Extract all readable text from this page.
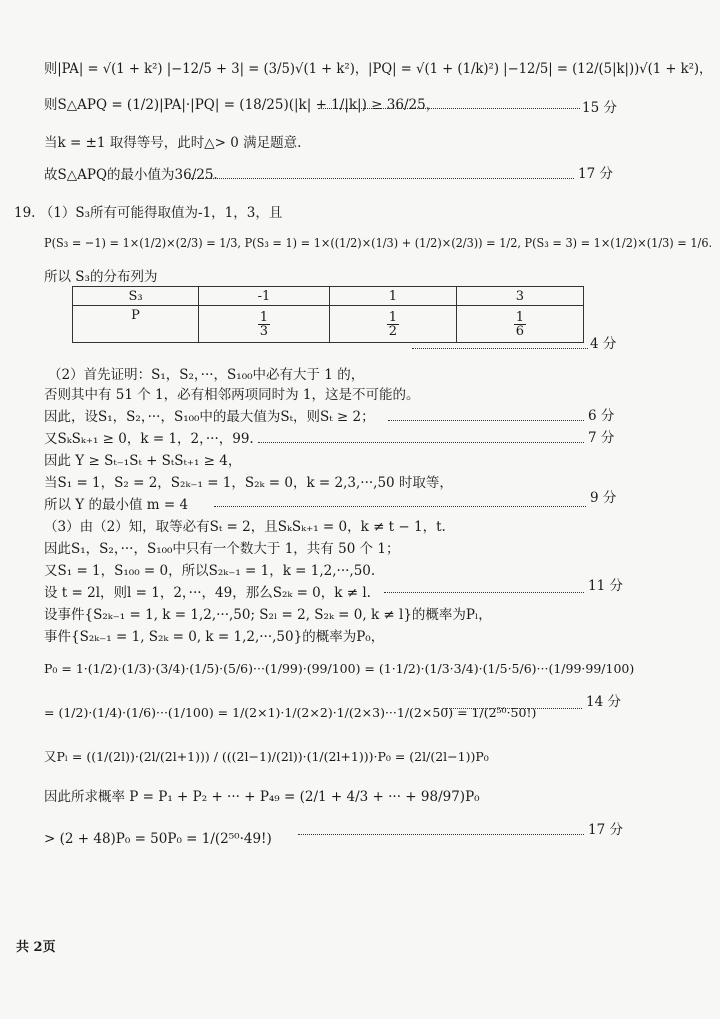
则|PA| = √(1 + k²) |−12/5 + 3| = (3/5)√(1 + k²)，|PQ| = √(1 + (1/k)²) |−12/5| = (12/(5|k|))√(1 + k²)，
则S△APQ = (1/2)|PA|·|PQ| = (18/25)(|k| + 1/|k|) ≥ 36/25，	15 分
当k = ±1 取得等号，此时△> 0 满足题意.
故S△APQ的最小值为36/25.	17 分
19. （1）S₃所有可能得取值为-1，1，3，且
P(S₃ = −1) = 1×(1/2)×(2/3) = 1/3, P(S₃ = 1) = 1×((1/2)×(1/3) + (1/2)×(2/3)) = 1/2, P(S₃ = 3) = 1×(1/2)×(1/3) = 1/6.
所以 S₃的分布列为
S₃	-1	1	3
P	$\frac{1}{3}$	$\frac{1}{2}$	$\frac{1}{6}$
4 分
（2）首先证明：S₁，S₂，···，S₁₀₀中必有大于 1 的，
否则其中有 51 个 1，必有相邻两项同时为 1，这是不可能的。
因此，设S₁，S₂，···，S₁₀₀中的最大值为Sₜ，则Sₜ ≥ 2；	6 分
又SₖSₖ₊₁ ≥ 0，k = 1，2，···，99.	7 分
因此 Y ≥ Sₜ₋₁Sₜ + SₜSₜ₊₁ ≥ 4，
当S₁ = 1，S₂ = 2，S₂ₖ₋₁ = 1，S₂ₖ = 0，k = 2,3,···,50 时取等，
所以 Y 的最小值 m = 4	9 分
（3）由（2）知，取等必有Sₜ = 2，且SₖSₖ₊₁ = 0，k ≠ t − 1，t.
因此S₁，S₂，···，S₁₀₀中只有一个数大于 1，共有 50 个 1；
又S₁ = 1，S₁₀₀ = 0，所以S₂ₖ₋₁ = 1，k = 1,2,···,50.
设 t = 2l，则l = 1，2，···，49，那么S₂ₖ = 0，k ≠ l.	11 分
设事件{S₂ₖ₋₁ = 1, k = 1,2,···,50; S₂ₗ = 2, S₂ₖ = 0, k ≠ l}的概率为Pₗ，
事件{S₂ₖ₋₁ = 1, S₂ₖ = 0, k = 1,2,···,50}的概率为P₀，
P₀ = 1·(1/2)·(1/3)·(3/4)·(1/5)·(5/6)···(1/99)·(99/100) = (1·1/2)·(1/3·3/4)·(1/5·5/6)···(1/99·99/100)
= (1/2)·(1/4)·(1/6)···(1/100) = 1/(2×1)·1/(2×2)·1/(2×3)···1/(2×50) = 1/(2⁵⁰·50!)
14 分
又Pₗ = ((1/(2l))·(2l/(2l+1))) / (((2l−1)/(2l))·(1/(2l+1)))·P₀ = (2l/(2l−1))P₀
因此所求概率 P = P₁ + P₂ + ··· + P₄₉ = (2/1 + 4/3 + ··· + 98/97)P₀
> (2 + 48)P₀ = 50P₀ = 1/(2⁵⁰·49!)
17 分
共 2页
